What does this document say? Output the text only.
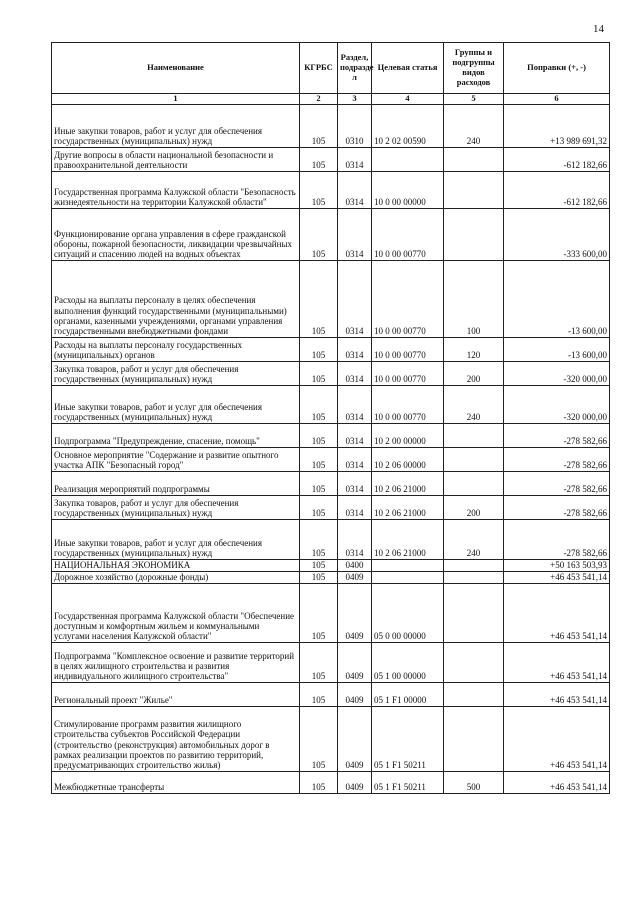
14
Наименование	КГРБС	Раздел, подразде л	Целевая статья	Группы и подгруппы видов расходов	Поправки (+, -)
1	2	3	4	5	6
Иные закупки товаров, работ и услуг для обеспечения государственных (муниципальных) нужд	105	0310	10 2 02 00590	240	+13 989 691,32
Другие вопросы в области национальной безопасности и правоохранительной деятельности	105	0314			-612 182,66
Государственная программа Калужской области "Безопасность жизнедеятельности на территории Калужской области"	105	0314	10 0 00 00000		-612 182,66
Функционирование органа управления в сфере гражданской обороны, пожарной безопасности, ликвидации чрезвычайных ситуаций и спасению людей на водных объектах	105	0314	10 0 00 00770		-333 600,00
Расходы на выплаты персоналу в целях обеспечения выполнения функций государственными (муниципальными) органами, казенными учреждениями, органами управления государственными внебюджетными фондами	105	0314	10 0 00 00770	100	-13 600,00
Расходы на выплаты персоналу государственных (муниципальных) органов	105	0314	10 0 00 00770	120	-13 600,00
Закупка товаров, работ и услуг для обеспечения государственных (муниципальных) нужд	105	0314	10 0 00 00770	200	-320 000,00
Иные закупки товаров, работ и услуг для обеспечения государственных (муниципальных) нужд	105	0314	10 0 00 00770	240	-320 000,00
Подпрограмма "Предупреждение, спасение, помощь"	105	0314	10 2 00 00000		-278 582,66
Основное мероприятие "Содержание и развитие опытного участка АПК "Безопасный город"	105	0314	10 2 06 00000		-278 582,66
Реализация мероприятий подпрограммы	105	0314	10 2 06 21000		-278 582,66
Закупка товаров, работ и услуг для обеспечения государственных (муниципальных) нужд	105	0314	10 2 06 21000	200	-278 582,66
Иные закупки товаров, работ и услуг для обеспечения государственных (муниципальных) нужд	105	0314	10 2 06 21000	240	-278 582,66
НАЦИОНАЛЬНАЯ ЭКОНОМИКА	105	0400			+50 163 503,93
Дорожное хозяйство (дорожные фонды)	105	0409			+46 453 541,14
Государственная программа Калужской области "Обеспечение доступным и комфортным жильем и коммунальными услугами населения Калужской области"	105	0409	05 0 00 00000		+46 453 541,14
Подпрограмма "Комплексное освоение и развитие территорий в целях жилищного строительства и развития индивидуального жилищного строительства"	105	0409	05 1 00 00000		+46 453 541,14
Региональный проект "Жилье"	105	0409	05 1 F1 00000		+46 453 541,14
Стимулирование программ развития жилищного строительства субъектов Российской Федерации (строительство (реконструкция) автомобильных дорог в рамках реализации проектов по развитию территорий, предусматривающих строительство жилья)	105	0409	05 1 F1 50211		+46 453 541,14
Межбюджетные трансферты	105	0409	05 1 F1 50211	500	+46 453 541,14
